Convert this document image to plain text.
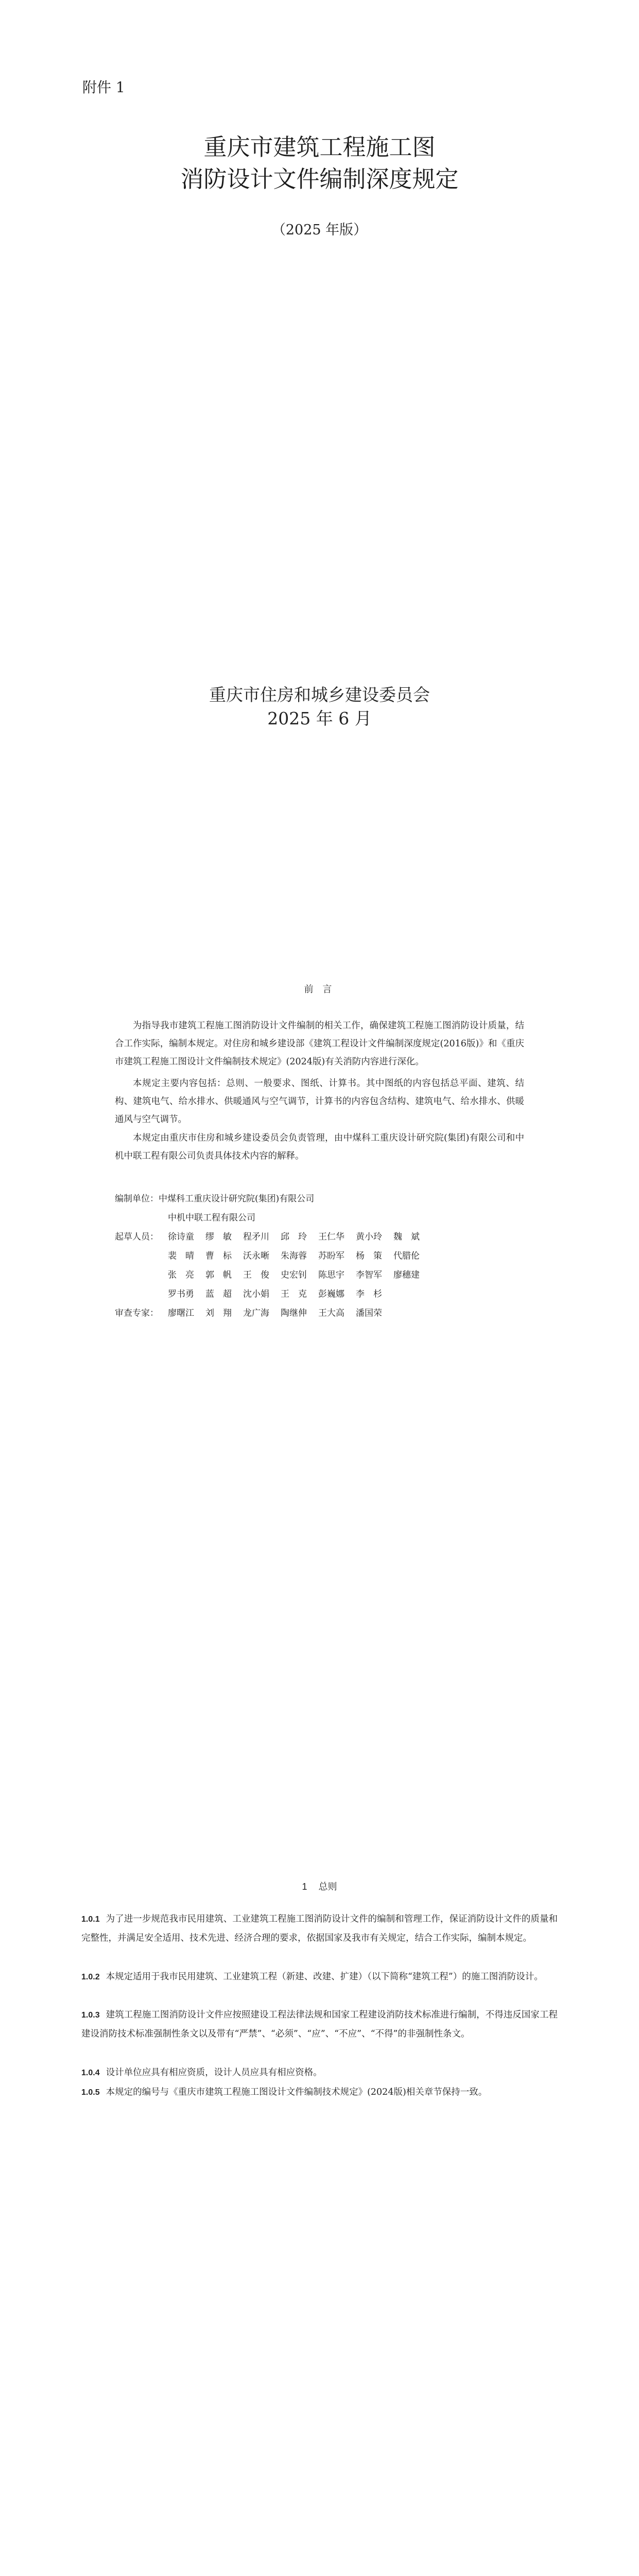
附件 1
重庆市建筑工程施工图
消防设计文件编制深度规定
（2025 年版）
重庆市住房和城乡建设委员会
2025 年 6 月
前 言
为指导我市建筑工程施工图消防设计文件编制的相关工作，确保建筑工程施工图消防设计质量，结合工作实际，编制本规定。对住房和城乡建设部《建筑工程设计文件编制深度规定(2016版)》和《重庆市建筑工程施工图设计文件编制技术规定》(2024版)有关消防内容进行深化。
本规定主要内容包括：总则、一般要求、图纸、计算书。其中图纸的内容包括总平面、建筑、结构、建筑电气、给水排水、供暖通风与空气调节，计算书的内容包含结构、建筑电气、给水排水、供暖通风与空气调节。
本规定由重庆市住房和城乡建设委员会负责管理，由中煤科工重庆设计研究院(集团)有限公司和中机中联工程有限公司负责具体技术内容的解释。
编制单位：中煤科工重庆设计研究院(集团)有限公司
中机中联工程有限公司
起草人员： 徐诗童 缪　敏 程矛川 邱　玲 王仁华 黄小玲 魏　斌
裴　晴 曹　标 沃永晰 朱海蓉 苏盼军 杨　策 代腊伦
张　亮 郭　帆 王　俊 史宏钊 陈思宇 李智军 廖穗建
罗书勇 蓝　超 沈小娟 王　克 彭巍娜 李　杉
审查专家： 廖曙江 刘　翔 龙广海 陶继伸 王大高 潘国荣
1 总则
1.0.1 为了进一步规范我市民用建筑、工业建筑工程施工图消防设计文件的编制和管理工作，保证消防设计文件的质量和完整性，并满足安全适用、技术先进、经济合理的要求，依据国家及我市有关规定，结合工作实际，编制本规定。
1.0.2 本规定适用于我市民用建筑、工业建筑工程（新建、改建、扩建）（以下简称“建筑工程”）的施工图消防设计。
1.0.3 建筑工程施工图消防设计文件应按照建设工程法律法规和国家工程建设消防技术标准进行编制，不得违反国家工程建设消防技术标准强制性条文以及带有“严禁”、“必须”、“应”、“不应”、“不得”的非强制性条文。
1.0.4 设计单位应具有相应资质，设计人员应具有相应资格。
1.0.5 本规定的编号与《重庆市建筑工程施工图设计文件编制技术规定》(2024版)相关章节保持一致。
